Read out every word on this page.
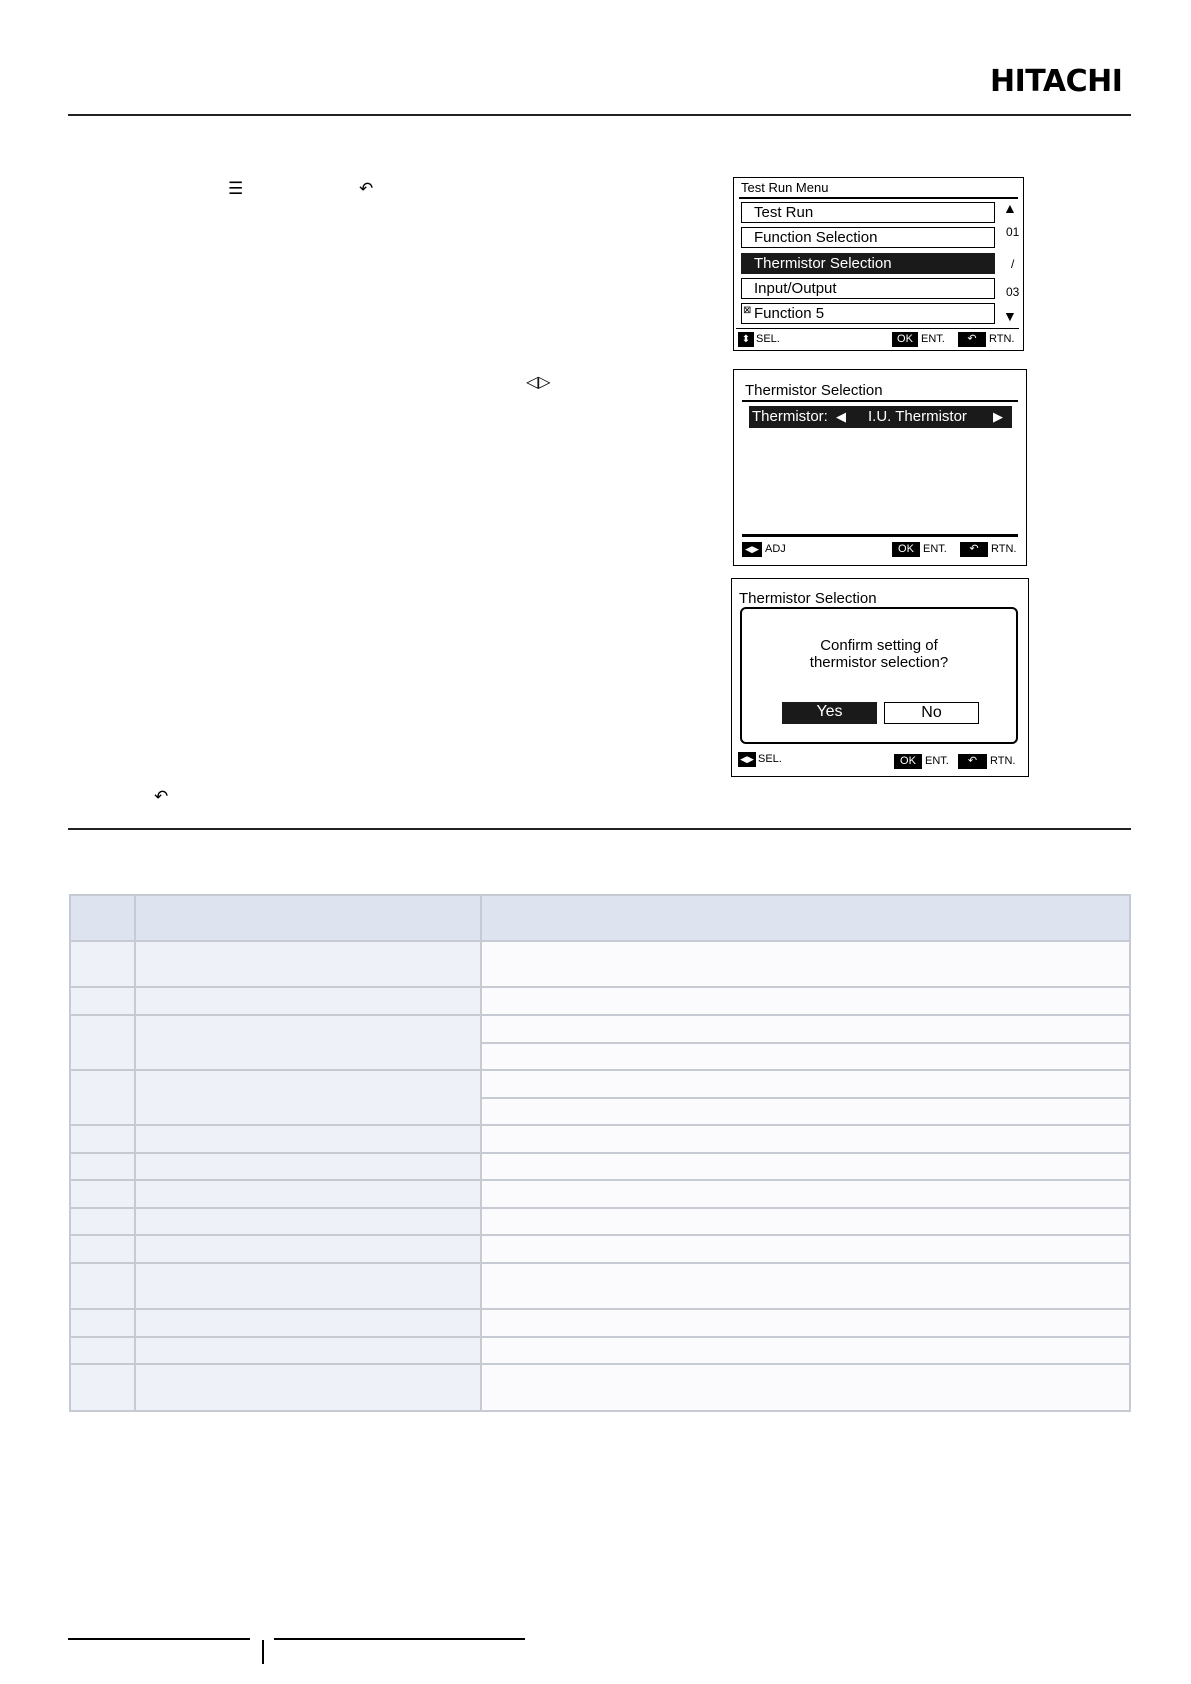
HITACHI
☰	↶
◁▷
↶
Test Run Menu
Test Run
Function Selection
Thermistor Selection
Input/Output
⊠ Function 5
▲
01
/
03
▼
⬍ SEL.	OK ENT.	↶	RTN.
Thermistor Selection
Thermistor: ◀ I.U. Thermistor ▶
◀▶ ADJ	OK ENT.	↶	RTN.
Thermistor Selection
Confirm setting of
thermistor selection?
Yes	No
◀▶ SEL.	OK ENT.	↶	RTN.
